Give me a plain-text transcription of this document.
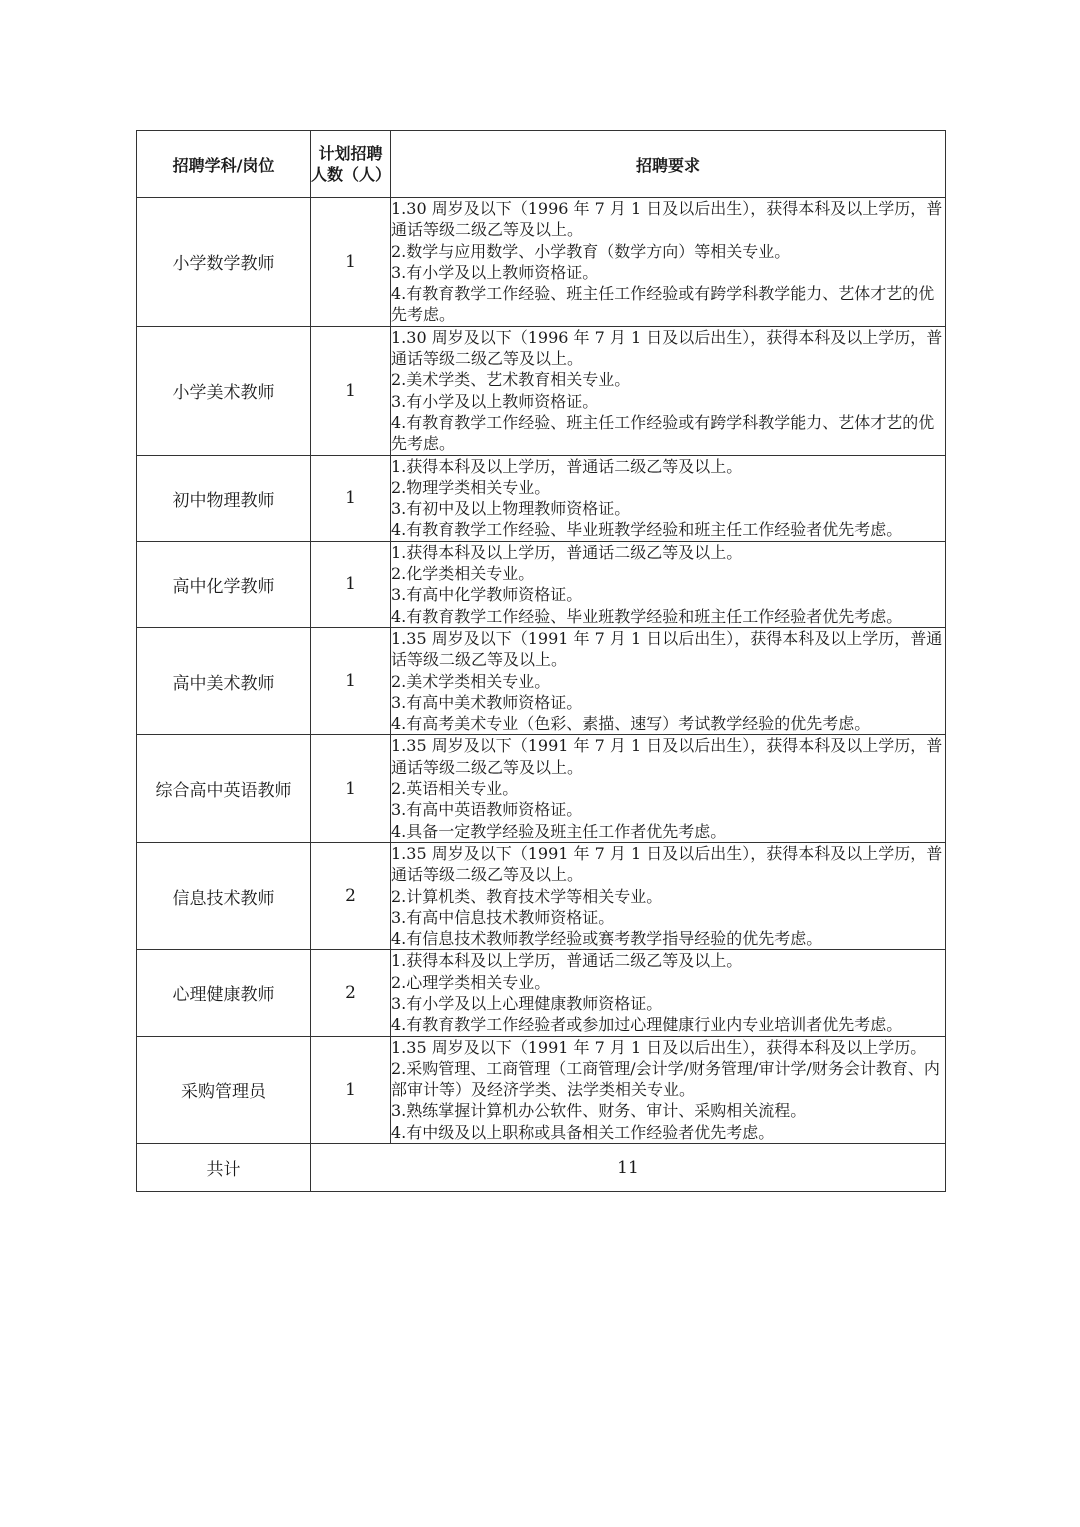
招聘学科/岗位	计划招聘人数（人）	招聘要求
小学数学教师	1	1.30 周岁及以下（1996 年 7 月 1 日及以后出生），获得本科及以上学历，普通话等级二级乙等及以上。
2.数学与应用数学、小学教育（数学方向）等相关专业。
3.有小学及以上教师资格证。
4.有教育教学工作经验、班主任工作经验或有跨学科教学能力、艺体才艺的优先考虑。

小学美术教师	1	1.30 周岁及以下（1996 年 7 月 1 日及以后出生），获得本科及以上学历，普通话等级二级乙等及以上。
2.美术学类、艺术教育相关专业。
3.有小学及以上教师资格证。
4.有教育教学工作经验、班主任工作经验或有跨学科教学能力、艺体才艺的优先考虑。

初中物理教师	1	1.获得本科及以上学历，普通话二级乙等及以上。
2.物理学类相关专业。
3.有初中及以上物理教师资格证。
4.有教育教学工作经验、毕业班教学经验和班主任工作经验者优先考虑。

高中化学教师	1	1.获得本科及以上学历，普通话二级乙等及以上。
2.化学类相关专业。
3.有高中化学教师资格证。
4.有教育教学工作经验、毕业班教学经验和班主任工作经验者优先考虑。

高中美术教师	1	1.35 周岁及以下（1991 年 7 月 1 日以后出生），获得本科及以上学历，普通话等级二级乙等及以上。
2.美术学类相关专业。
3.有高中美术教师资格证。
4.有高考美术专业（色彩、素描、速写）考试教学经验的优先考虑。

综合高中英语教师	1	1.35 周岁及以下（1991 年 7 月 1 日及以后出生），获得本科及以上学历，普通话等级二级乙等及以上。
2.英语相关专业。
3.有高中英语教师资格证。
4.具备一定教学经验及班主任工作者优先考虑。

信息技术教师	2	1.35 周岁及以下（1991 年 7 月 1 日及以后出生），获得本科及以上学历，普通话等级二级乙等及以上。
2.计算机类、教育技术学等相关专业。
3.有高中信息技术教师资格证。
4.有信息技术教师教学经验或赛考教学指导经验的优先考虑。

心理健康教师	2	1.获得本科及以上学历，普通话二级乙等及以上。
2.心理学类相关专业。
3.有小学及以上心理健康教师资格证。
4.有教育教学工作经验者或参加过心理健康行业内专业培训者优先考虑。

采购管理员	1	1.35 周岁及以下（1991 年 7 月 1 日及以后出生），获得本科及以上学历。
2.采购管理、工商管理（工商管理/会计学/财务管理/审计学/财务会计教育、内部审计等）及经济学类、法学类相关专业。
3.熟练掌握计算机办公软件、财务、审计、采购相关流程。
4.有中级及以上职称或具备相关工作经验者优先考虑。

共计	11	
